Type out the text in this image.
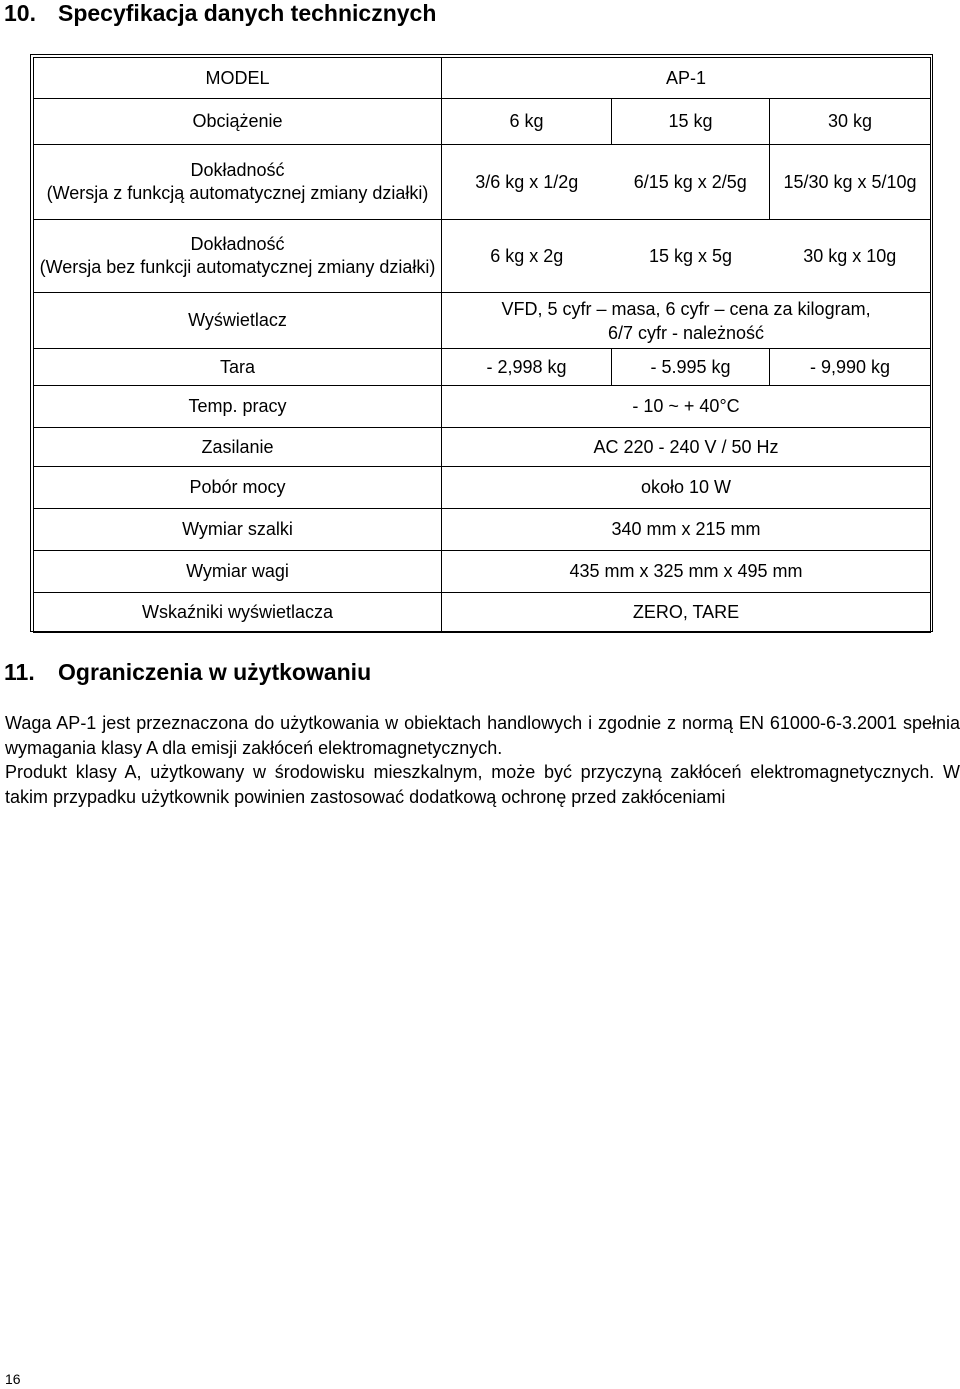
10. Specyfikacja danych technicznych
MODEL	AP-1		
Obciążenie	6 kg	15 kg	30 kg
Dokładność
(Wersja z funkcją automatycznej zmiany działki)	3/6 kg x 1/2g	6/15 kg x 2/5g	15/30 kg x 5/10g
Dokładność
(Wersja bez funkcji automatycznej zmiany działki)	6 kg x 2g	15 kg x 5g	30 kg x 10g
Wyświetlacz	VFD, 5 cyfr – masa, 6 cyfr – cena za kilogram,
6/7 cyfr - należność		
Tara	- 2,998 kg	- 5.995 kg	- 9,990 kg
Temp. pracy	- 10 ~ + 40°C		
Zasilanie	AC 220 - 240 V / 50 Hz		
Pobór mocy	około 10 W		
Wymiar szalki	340 mm x 215 mm		
Wymiar wagi	435 mm x 325 mm x 495 mm		
Wskaźniki wyświetlacza	ZERO, TARE		
11. Ograniczenia w użytkowaniu

Waga AP-1 jest przeznaczona do użytkowania w obiektach handlowych i zgodnie z normą EN 61000-6-3.2001 spełnia wymagania klasy A dla emisji zakłóceń elektromagnetycznych.

Produkt klasy A, użytkowany w środowisku mieszkalnym, może być przyczyną zakłóceń elektromagnetycznych. W takim przypadku użytkownik powinien zastosować dodatkową ochronę przed zakłóceniami

16
